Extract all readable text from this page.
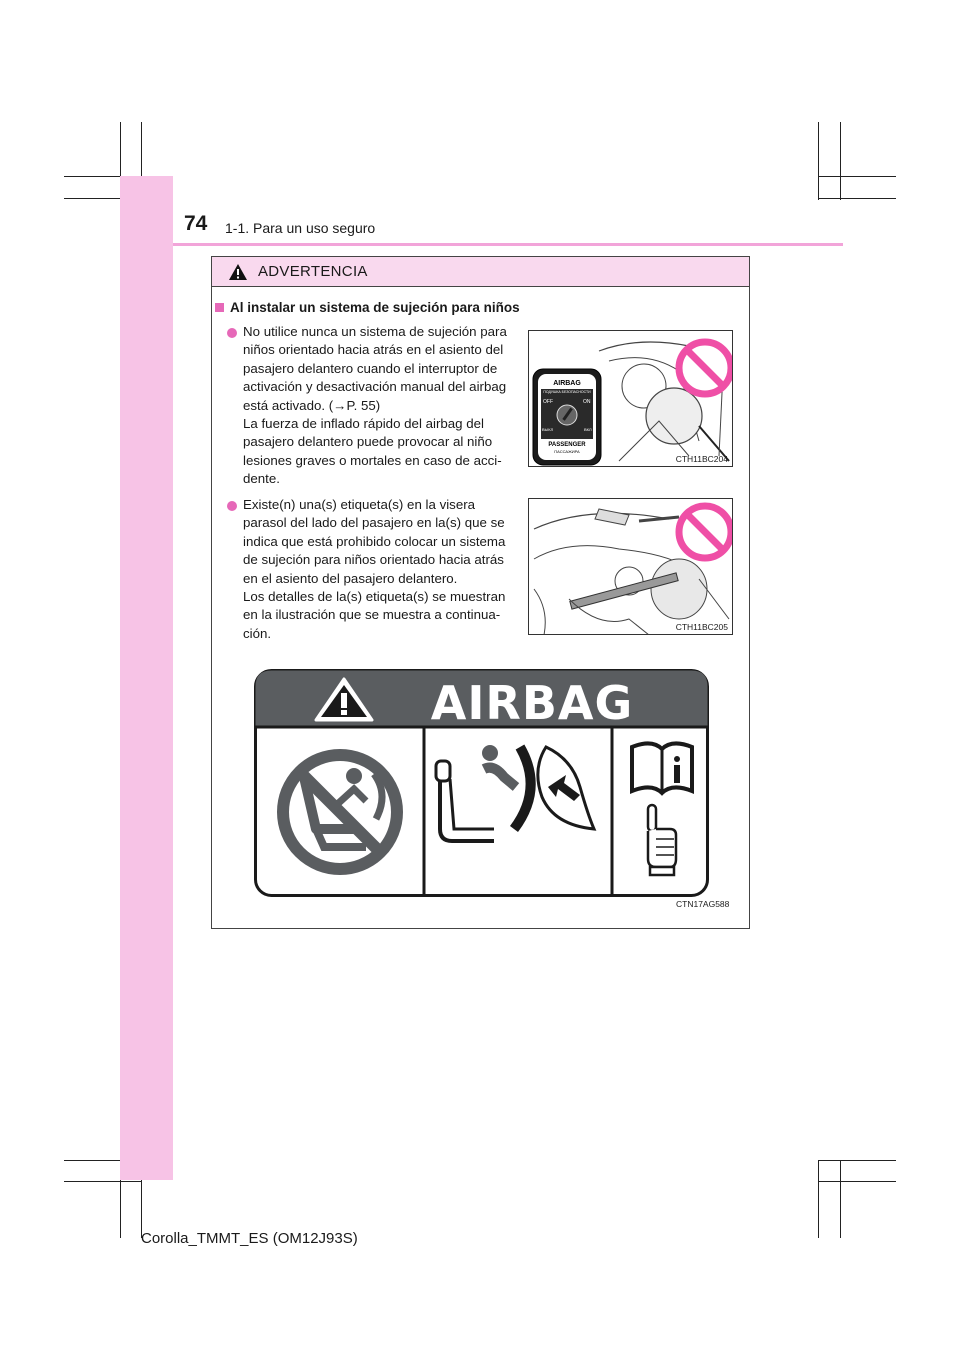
74 1-1. Para un uso seguro
ADVERTENCIA
Al instalar un sistema de sujeción para niños
No utilice nunca un sistema de sujeción para
niños orientado hacia atrás en el asiento del
pasajero delantero cuando el interruptor de
activación y desactivación manual del airbag
está activado. (→P. 55)
La fuerza de inflado rápido del airbag del
pasajero delantero puede provocar al niño
lesiones graves o mortales en caso de acci-
dente.
AIRBAG
ПОДУШКА БЕЗОПАСНОСТИ
OFF	ON
ВЫКЛ	ВКЛ
PASSENGER
ПАССАЖИРА
CTH11BC204
Existe(n) una(s) etiqueta(s) en la visera
parasol del lado del pasajero en la(s) que se
indica que está prohibido colocar un sistema
de sujeción para niños orientado hacia atrás
en el asiento del pasajero delantero.
Los detalles de la(s) etiqueta(s) se muestran
en la ilustración que se muestra a continua-
ción.	CTH11BC205
AIRBAG
CTN17AG588
Corolla_TMMT_ES (OM12J93S)
